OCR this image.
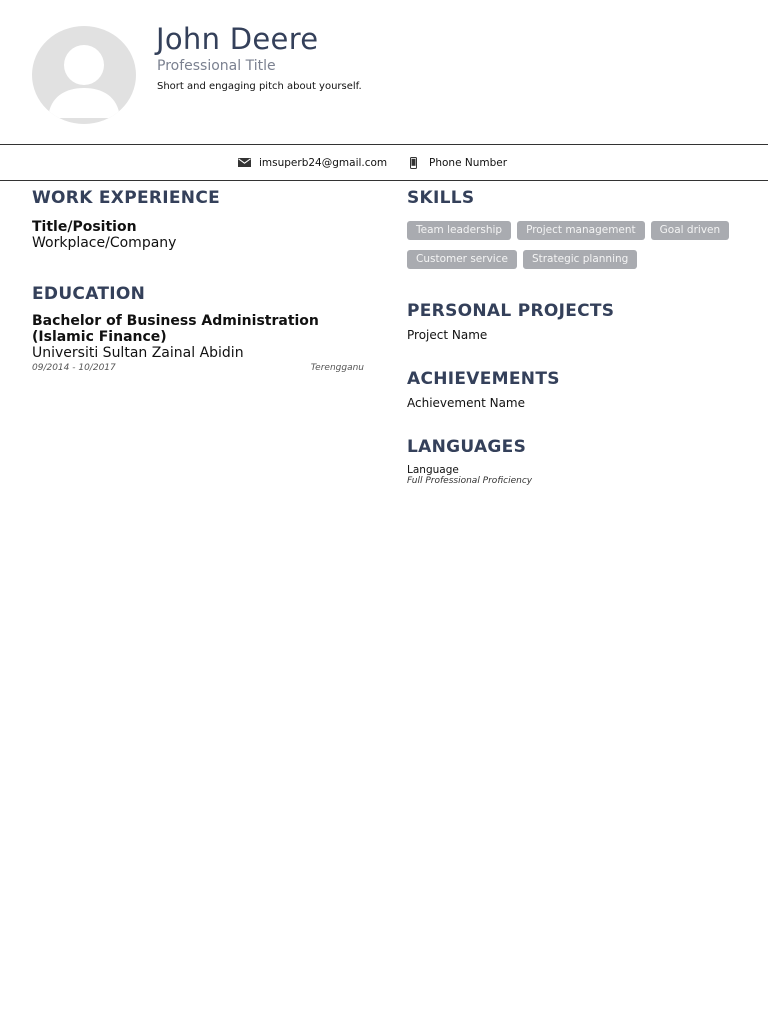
John Deere
Professional Title
Short and engaging pitch about yourself.
imsuperb24@gmail.com	Phone Number
WORK EXPERIENCE
Title/Position
Workplace/Company
EDUCATION
Bachelor of Business Administration
(Islamic Finance)
Universiti Sultan Zainal Abidin
09/2014 - 10/2017	Terengganu
SKILLS
Team leadership	Project management	Goal driven
Customer service	Strategic planning
PERSONAL PROJECTS
Project Name
ACHIEVEMENTS
Achievement Name
LANGUAGES
Language
Full Professional Proficiency
